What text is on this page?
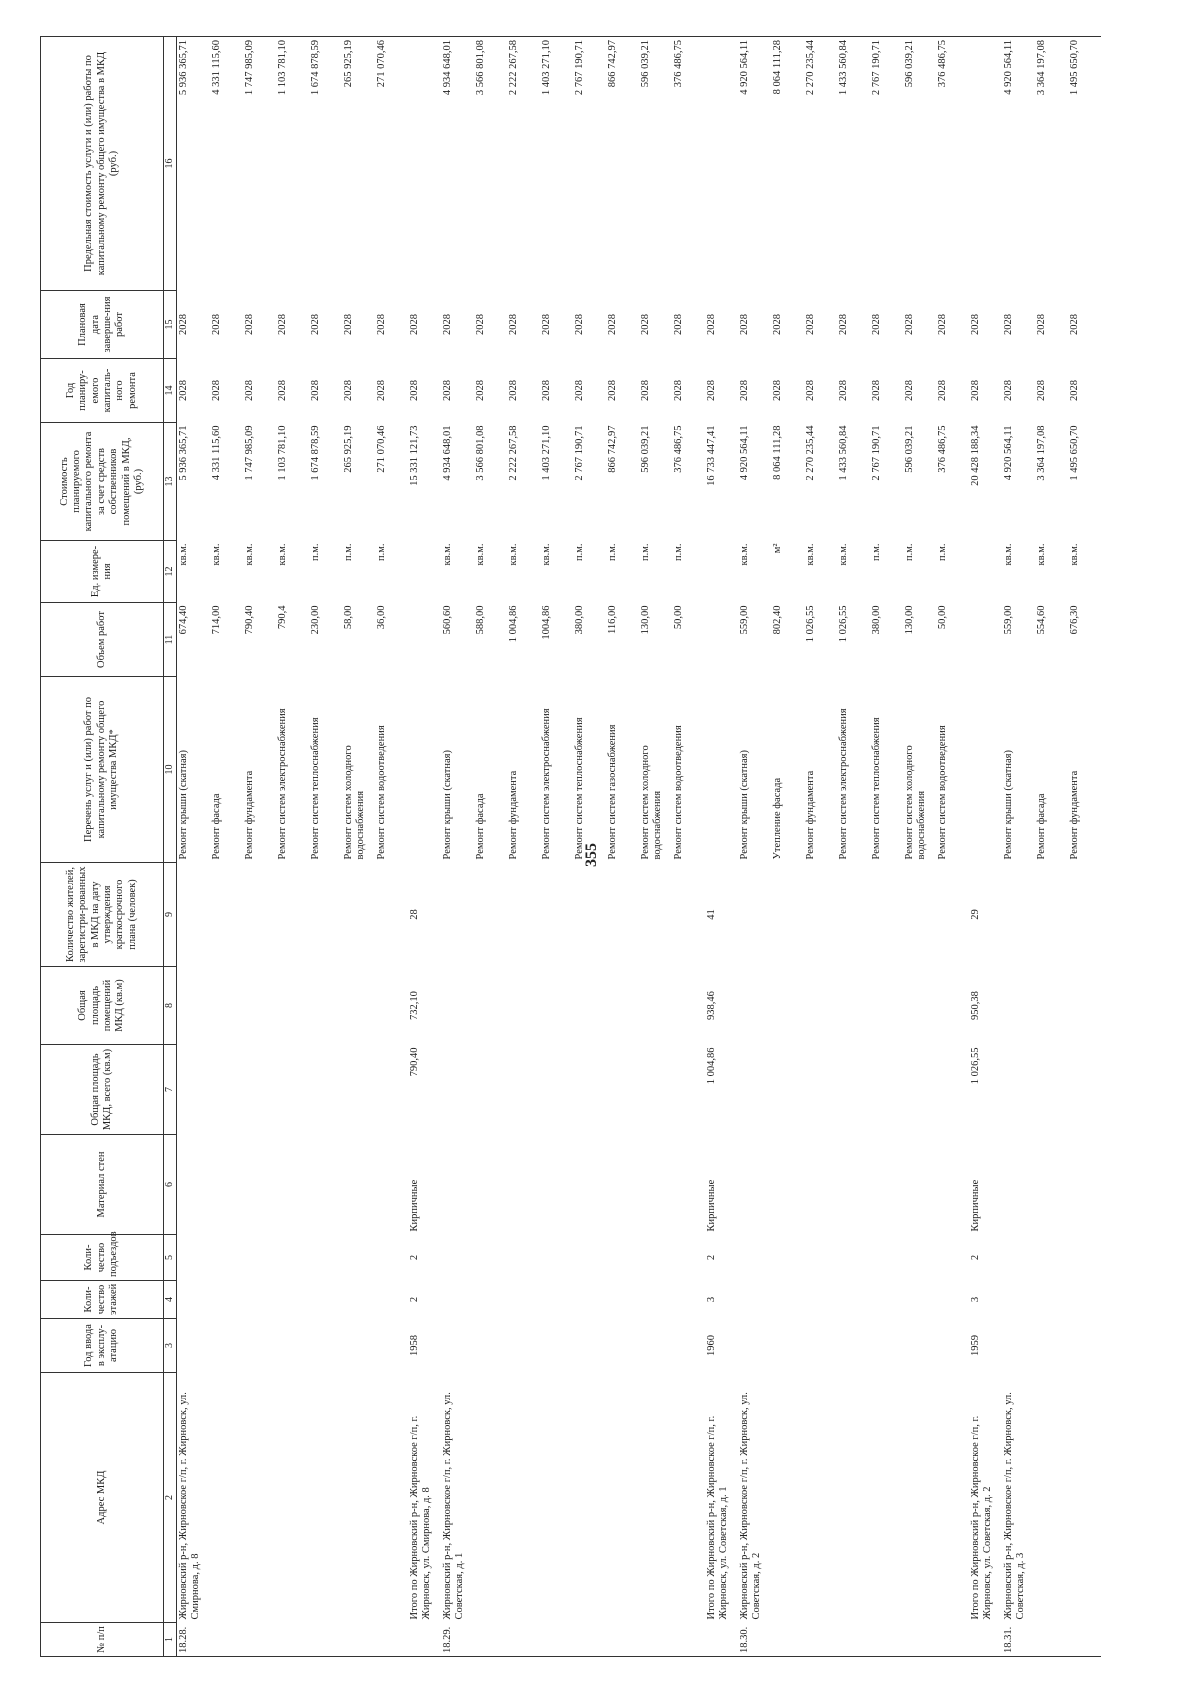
355
№ п/п	Адрес МКД	Год ввода в эксплу-атацию	Коли-чество этажей	Коли-чество подъездов	Материал стен	Общая площадь МКД, всего (кв.м)	Общая площадь помещений МКД (кв.м)	Количество жителей, зарегистри-рованных в МКД на дату утверждения краткосрочного плана (человек)	Перечень услуг и (или) работ по капитальному ремонту общего имущества МКД*	Объем работ	Ед. измере-ния	Стоимость планируемого капитального ремонта за счет средств собственников помещений в МКД, (руб.)	Год планиру-емого капиталь-ного ремонта	Плановая дата заверше-ния работ	Предельная стоимость услуги и (или) работы по капитальному ремонту общего имущества в МКД (руб.)
1	2	3	4	5	6	7	8	9	10	11	12	13	14	15	16
18.28.	Жирновский р-н, Жирновское г/п, г. Жирновск, ул. Смирнова, д. 8								Ремонт крыши (скатная)	674,40	кв.м.	5 936 365,71	2028	2028	5 936 365,71
									Ремонт фасада	714,00	кв.м.	4 331 115,60	2028	2028	4 331 115,60
									Ремонт фундамента	790,40	кв.м.	1 747 985,09	2028	2028	1 747 985,09
									Ремонт систем электроснабжения	790,4	кв.м.	1 103 781,10	2028	2028	1 103 781,10
									Ремонт систем теплоснабжения	230,00	п.м.	1 674 878,59	2028	2028	1 674 878,59
									Ремонт систем холодного водоснабжения	58,00	п.м.	265 925,19	2028	2028	265 925,19
									Ремонт систем водоотведения	36,00	п.м.	271 070,46	2028	2028	271 070,46
	Итого по Жирновский р-н, Жирновское г/п, г. Жирновск, ул. Смирнова, д. 8	1958	2	2	Кирпичные	790,40	732,10	28				15 331 121,73	2028	2028	
18.29.	Жирновский р-н, Жирновское г/п, г. Жирновск, ул. Советская, д. 1								Ремонт крыши (скатная)	560,60	кв.м.	4 934 648,01	2028	2028	4 934 648,01
									Ремонт фасада	588,00	кв.м.	3 566 801,08	2028	2028	3 566 801,08
									Ремонт фундамента	1 004,86	кв.м.	2 222 267,58	2028	2028	2 222 267,58
									Ремонт систем электроснабжения	1004,86	кв.м.	1 403 271,10	2028	2028	1 403 271,10
									Ремонт систем теплоснабжения	380,00	п.м.	2 767 190,71	2028	2028	2 767 190,71
									Ремонт систем газоснабжения	116,00	п.м.	866 742,97	2028	2028	866 742,97
									Ремонт систем холодного водоснабжения	130,00	п.м.	596 039,21	2028	2028	596 039,21
									Ремонт систем водоотведения	50,00	п.м.	376 486,75	2028	2028	376 486,75
	Итого по Жирновский р-н, Жирновское г/п, г. Жирновск, ул. Советская, д. 1	1960	3	2	Кирпичные	1 004,86	938,46	41				16 733 447,41	2028	2028	
18.30.	Жирновский р-н, Жирновское г/п, г. Жирновск, ул. Советская, д. 2								Ремонт крыши (скатная)	559,00	кв.м.	4 920 564,11	2028	2028	4 920 564,11
									Утепление фасада	802,40	м²	8 064 111,28	2028	2028	8 064 111,28
									Ремонт фундамента	1 026,55	кв.м.	2 270 235,44	2028	2028	2 270 235,44
									Ремонт систем электроснабжения	1 026,55	кв.м.	1 433 560,84	2028	2028	1 433 560,84
									Ремонт систем теплоснабжения	380,00	п.м.	2 767 190,71	2028	2028	2 767 190,71
									Ремонт систем холодного водоснабжения	130,00	п.м.	596 039,21	2028	2028	596 039,21
									Ремонт систем водоотведения	50,00	п.м.	376 486,75	2028	2028	376 486,75
	Итого по Жирновский р-н, Жирновское г/п, г. Жирновск, ул. Советская, д. 2	1959	3	2	Кирпичные	1 026,55	950,38	29				20 428 188,34	2028	2028	
18.31.	Жирновский р-н, Жирновское г/п, г. Жирновск, ул. Советская, д. 3								Ремонт крыши (скатная)	559,00	кв.м.	4 920 564,11	2028	2028	4 920 564,11
									Ремонт фасада	554,60	кв.м.	3 364 197,08	2028	2028	3 364 197,08
									Ремонт фундамента	676,30	кв.м.	1 495 650,70	2028	2028	1 495 650,70
